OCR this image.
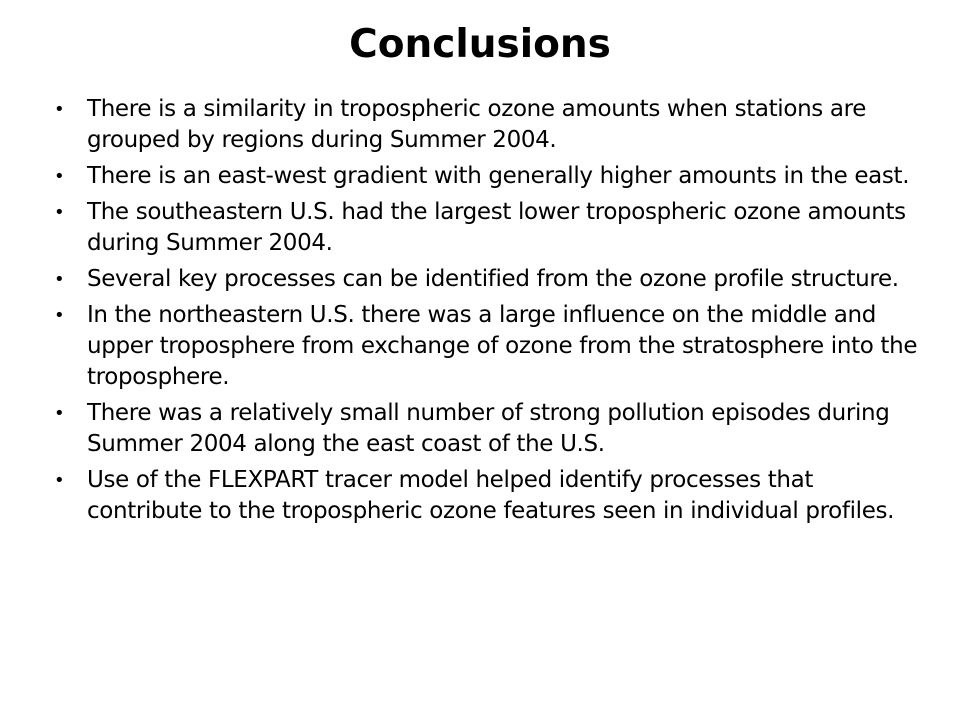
Conclusions
• There is a similarity in tropospheric ozone amounts when stations are grouped by regions during Summer 2004.
• There is an east-west gradient with generally higher amounts in the east.
• The southeastern U.S. had the largest lower tropospheric ozone amounts during Summer 2004.
• Several key processes can be identified from the ozone profile structure.
• In the northeastern U.S. there was a large influence on the middle and upper troposphere from exchange of ozone from the stratosphere into the troposphere.
• There was a relatively small number of strong pollution episodes during Summer 2004 along the east coast of the U.S.
• Use of the FLEXPART tracer model helped identify processes that contribute to the tropospheric ozone features seen in individual profiles.
